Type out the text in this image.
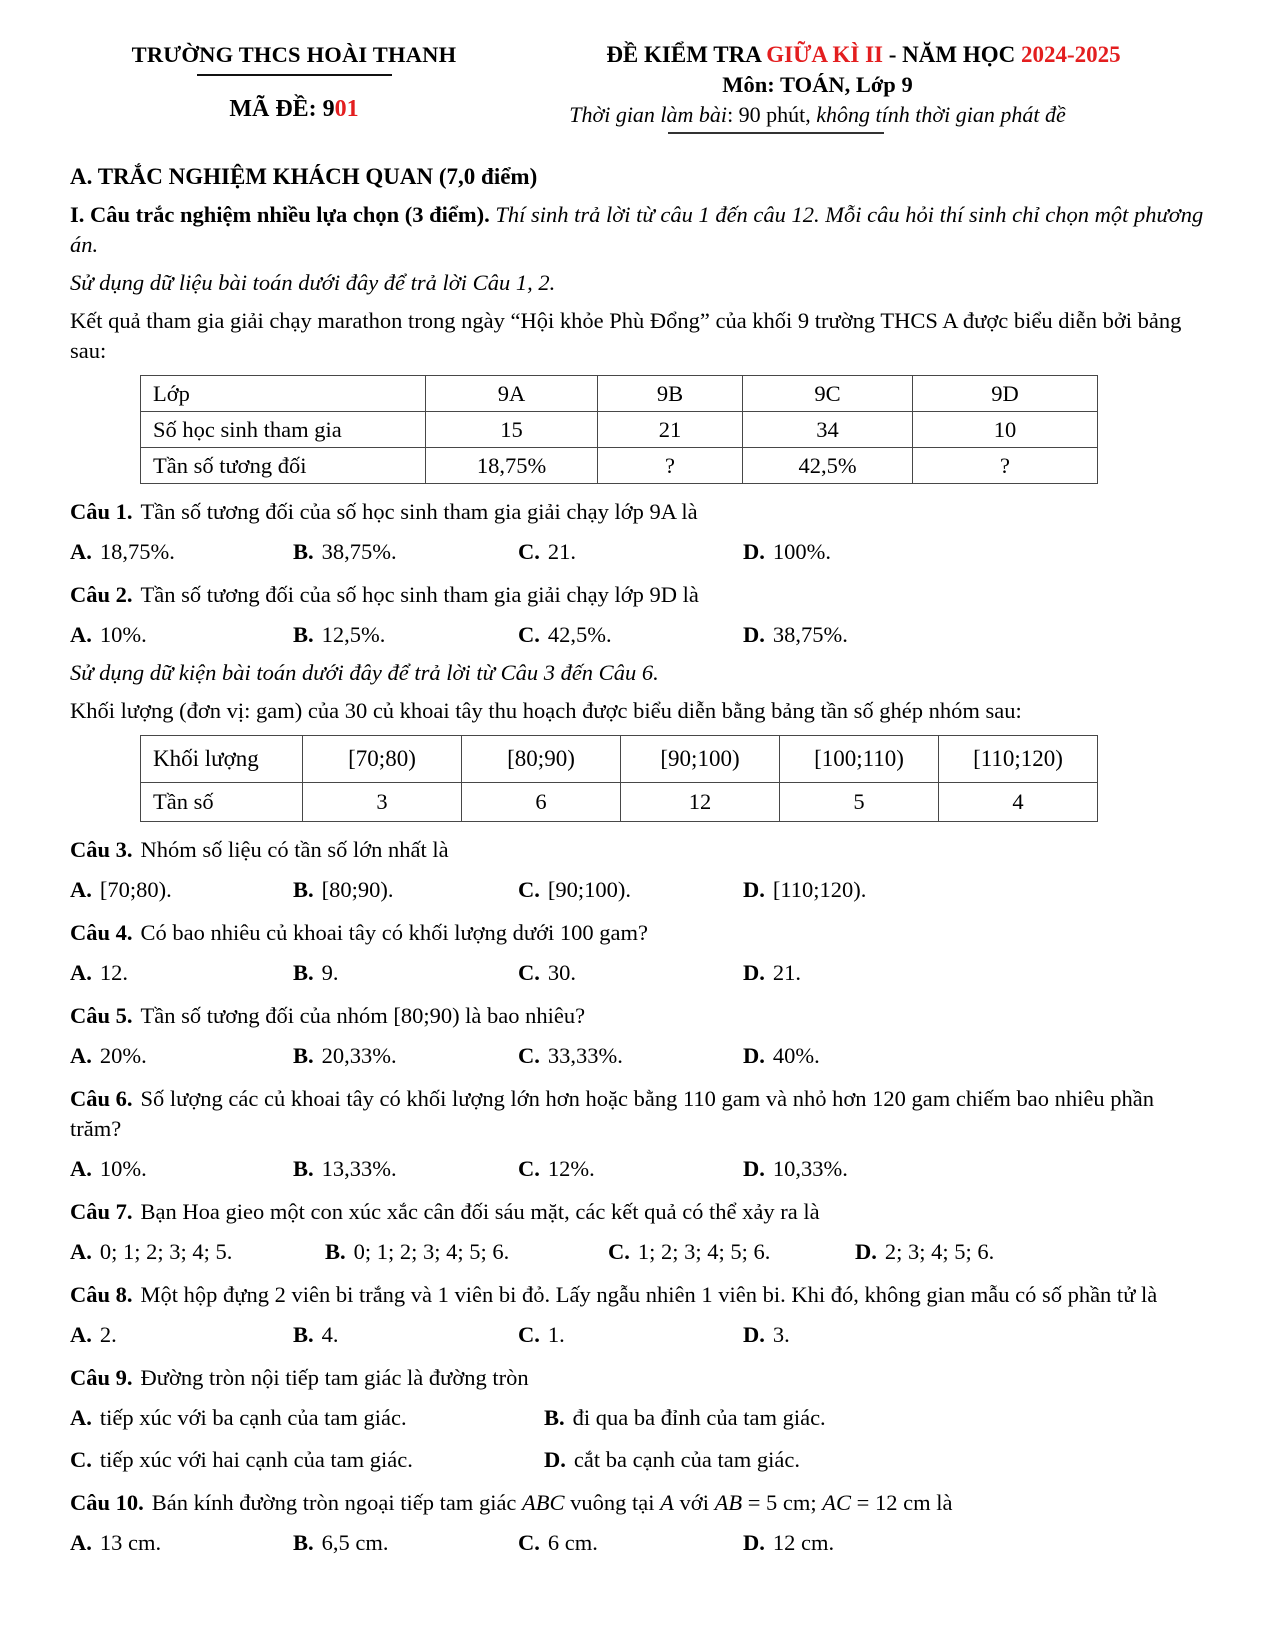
TRƯỜNG THCS HOÀI THANH
MÃ ĐỀ: 901
ĐỀ KIỂM TRA GIỮA KÌ II - NĂM HỌC 2024-2025
Môn: TOÁN, Lớp 9
Thời gian làm bài: 90 phút, không tính thời gian phát đề

A. TRẮC NGHIỆM KHÁCH QUAN (7,0 điểm)

I. Câu trắc nghiệm nhiều lựa chọn (3 điểm). Thí sinh trả lời từ câu 1 đến câu 12. Mỗi câu hỏi thí sinh chỉ chọn một phương án.

Sử dụng dữ liệu bài toán dưới đây để trả lời Câu 1, 2.

Kết quả tham gia giải chạy marathon trong ngày “Hội khỏe Phù Đổng” của khối 9 trường THCS A được biểu diễn bởi bảng sau:

Lớp	9A	9B	9C	9D
Số học sinh tham gia	15	21	34	10
Tần số tương đối	18,75%	?	42,5%	?

Câu 1. Tần số tương đối của số học sinh tham gia giải chạy lớp 9A là

A. 18,75%.	B. 38,75%.	C. 21.	D. 100%.

Câu 2. Tần số tương đối của số học sinh tham gia giải chạy lớp 9D là

A. 10%.	B. 12,5%.	C. 42,5%.	D. 38,75%.

Sử dụng dữ kiện bài toán dưới đây để trả lời từ Câu 3 đến Câu 6.

Khối lượng (đơn vị: gam) của 30 củ khoai tây thu hoạch được biểu diễn bằng bảng tần số ghép nhóm sau:

Khối lượng	[70;80)	[80;90)	[90;100)	[100;110)	[110;120)
Tần số	3	6	12	5	4

Câu 3. Nhóm số liệu có tần số lớn nhất là

A. [70;80).	B. [80;90).	C. [90;100).	D. [110;120).

Câu 4. Có bao nhiêu củ khoai tây có khối lượng dưới 100 gam?

A. 12.	B. 9.	C. 30.	D. 21.

Câu 5. Tần số tương đối của nhóm [80;90) là bao nhiêu?

A. 20%.	B. 20,33%.	C. 33,33%.	D. 40%.

Câu 6. Số lượng các củ khoai tây có khối lượng lớn hơn hoặc bằng 110 gam và nhỏ hơn 120 gam chiếm bao nhiêu phần trăm?

A. 10%.	B. 13,33%.	C. 12%.	D. 10,33%.

Câu 7. Bạn Hoa gieo một con xúc xắc cân đối sáu mặt, các kết quả có thể xảy ra là

A. 0; 1; 2; 3; 4; 5.	B. 0; 1; 2; 3; 4; 5; 6.	C. 1; 2; 3; 4; 5; 6.	D. 2; 3; 4; 5; 6.

Câu 8. Một hộp đựng 2 viên bi trắng và 1 viên bi đỏ. Lấy ngẫu nhiên 1 viên bi. Khi đó, không gian mẫu có số phần tử là

A. 2.	B. 4.	C. 1.	D. 3.

Câu 9. Đường tròn nội tiếp tam giác là đường tròn

A. tiếp xúc với ba cạnh của tam giác.	B. đi qua ba đỉnh của tam giác.

C. tiếp xúc với hai cạnh của tam giác.	D. cắt ba cạnh của tam giác.

Câu 10. Bán kính đường tròn ngoại tiếp tam giác ABC vuông tại A với AB = 5 cm; AC = 12 cm là

A. 13 cm.	B. 6,5 cm.	C. 6 cm.	D. 12 cm.
